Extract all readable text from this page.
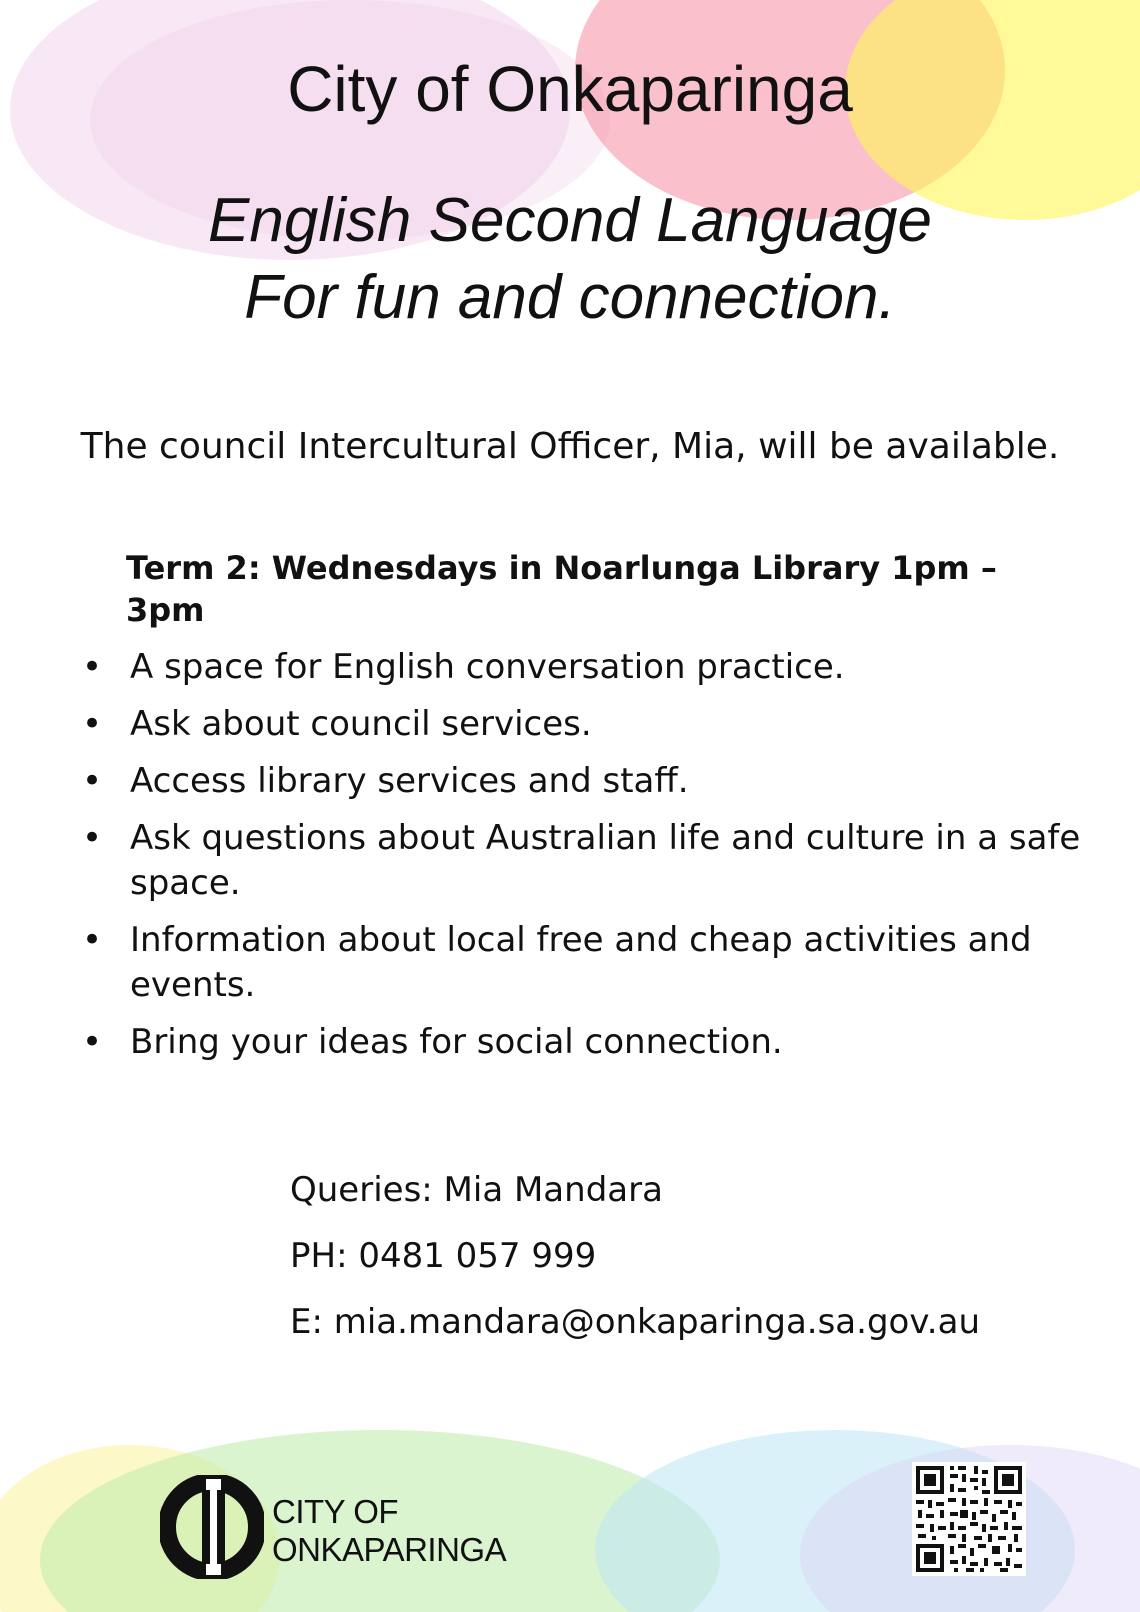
City of Onkaparinga
English Second Language
For fun and connection.
The council Intercultural Officer, Mia, will be available.
Term 2: Wednesdays in Noarlunga Library 1pm – 3pm
• A space for English conversation practice.
• Ask about council services.
• Access library services and staff.
• Ask questions about Australian life and culture in a safe space.
• Information about local free and cheap activities and events.
• Bring your ideas for social connection.
Queries: Mia Mandara
PH: 0481 057 999
E: mia.mandara@onkaparinga.sa.gov.au
CITY OF
ONKAPARINGA
